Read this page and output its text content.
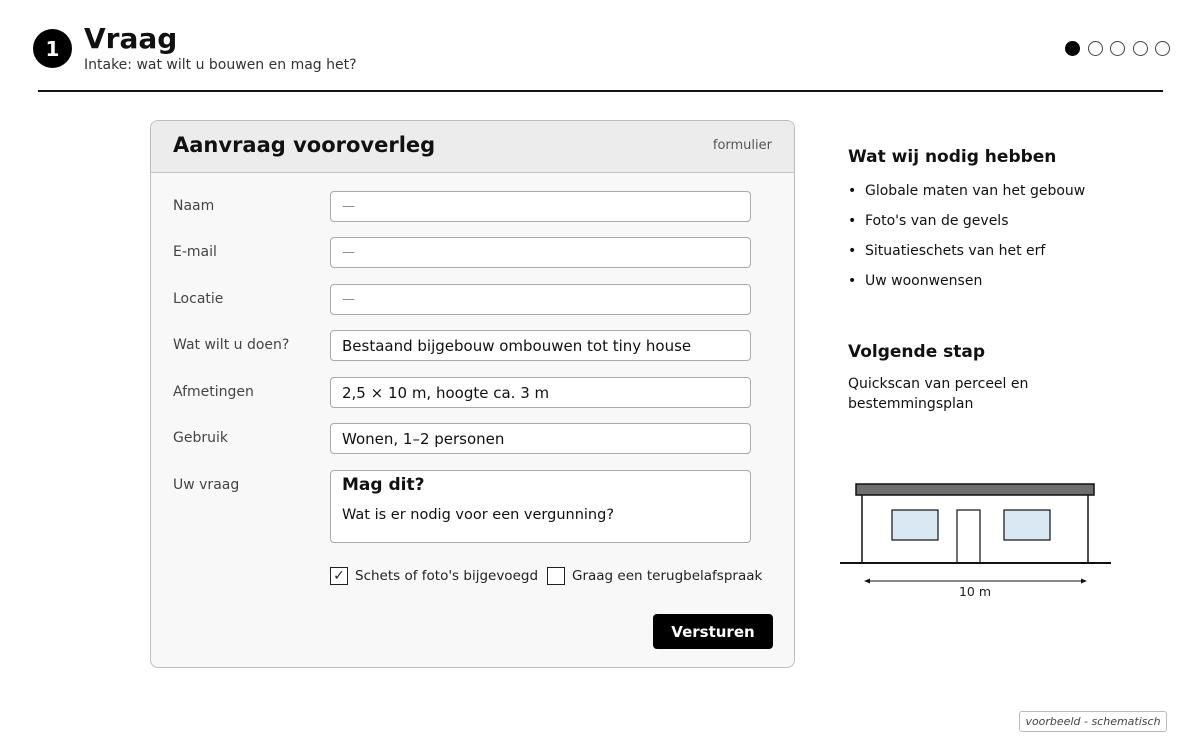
1 Vraag
Intake: wat wilt u bouwen en mag het?
Aanvraag vooroverleg	formulier
Naam	—
E-mail	—
Locatie	—
Wat wilt u doen?	Bestaand bijgebouw ombouwen tot tiny house
Afmetingen	2,5 × 10 m, hoogte ca. 3 m
Gebruik	Wonen, 1–2 personen
Uw vraag	Mag dit?
Wat is er nodig voor een vergunning?
✓ Schets of foto's bijgevoegd	Graag een terugbelafspraak
Versturen
Wat wij nodig hebben
• Globale maten van het gebouw
• Foto's van de gevels
• Situatieschets van het erf
• Uw woonwensen
Volgende stap
Quickscan van perceel en bestemmingsplan
10 m
voorbeeld - schematisch
